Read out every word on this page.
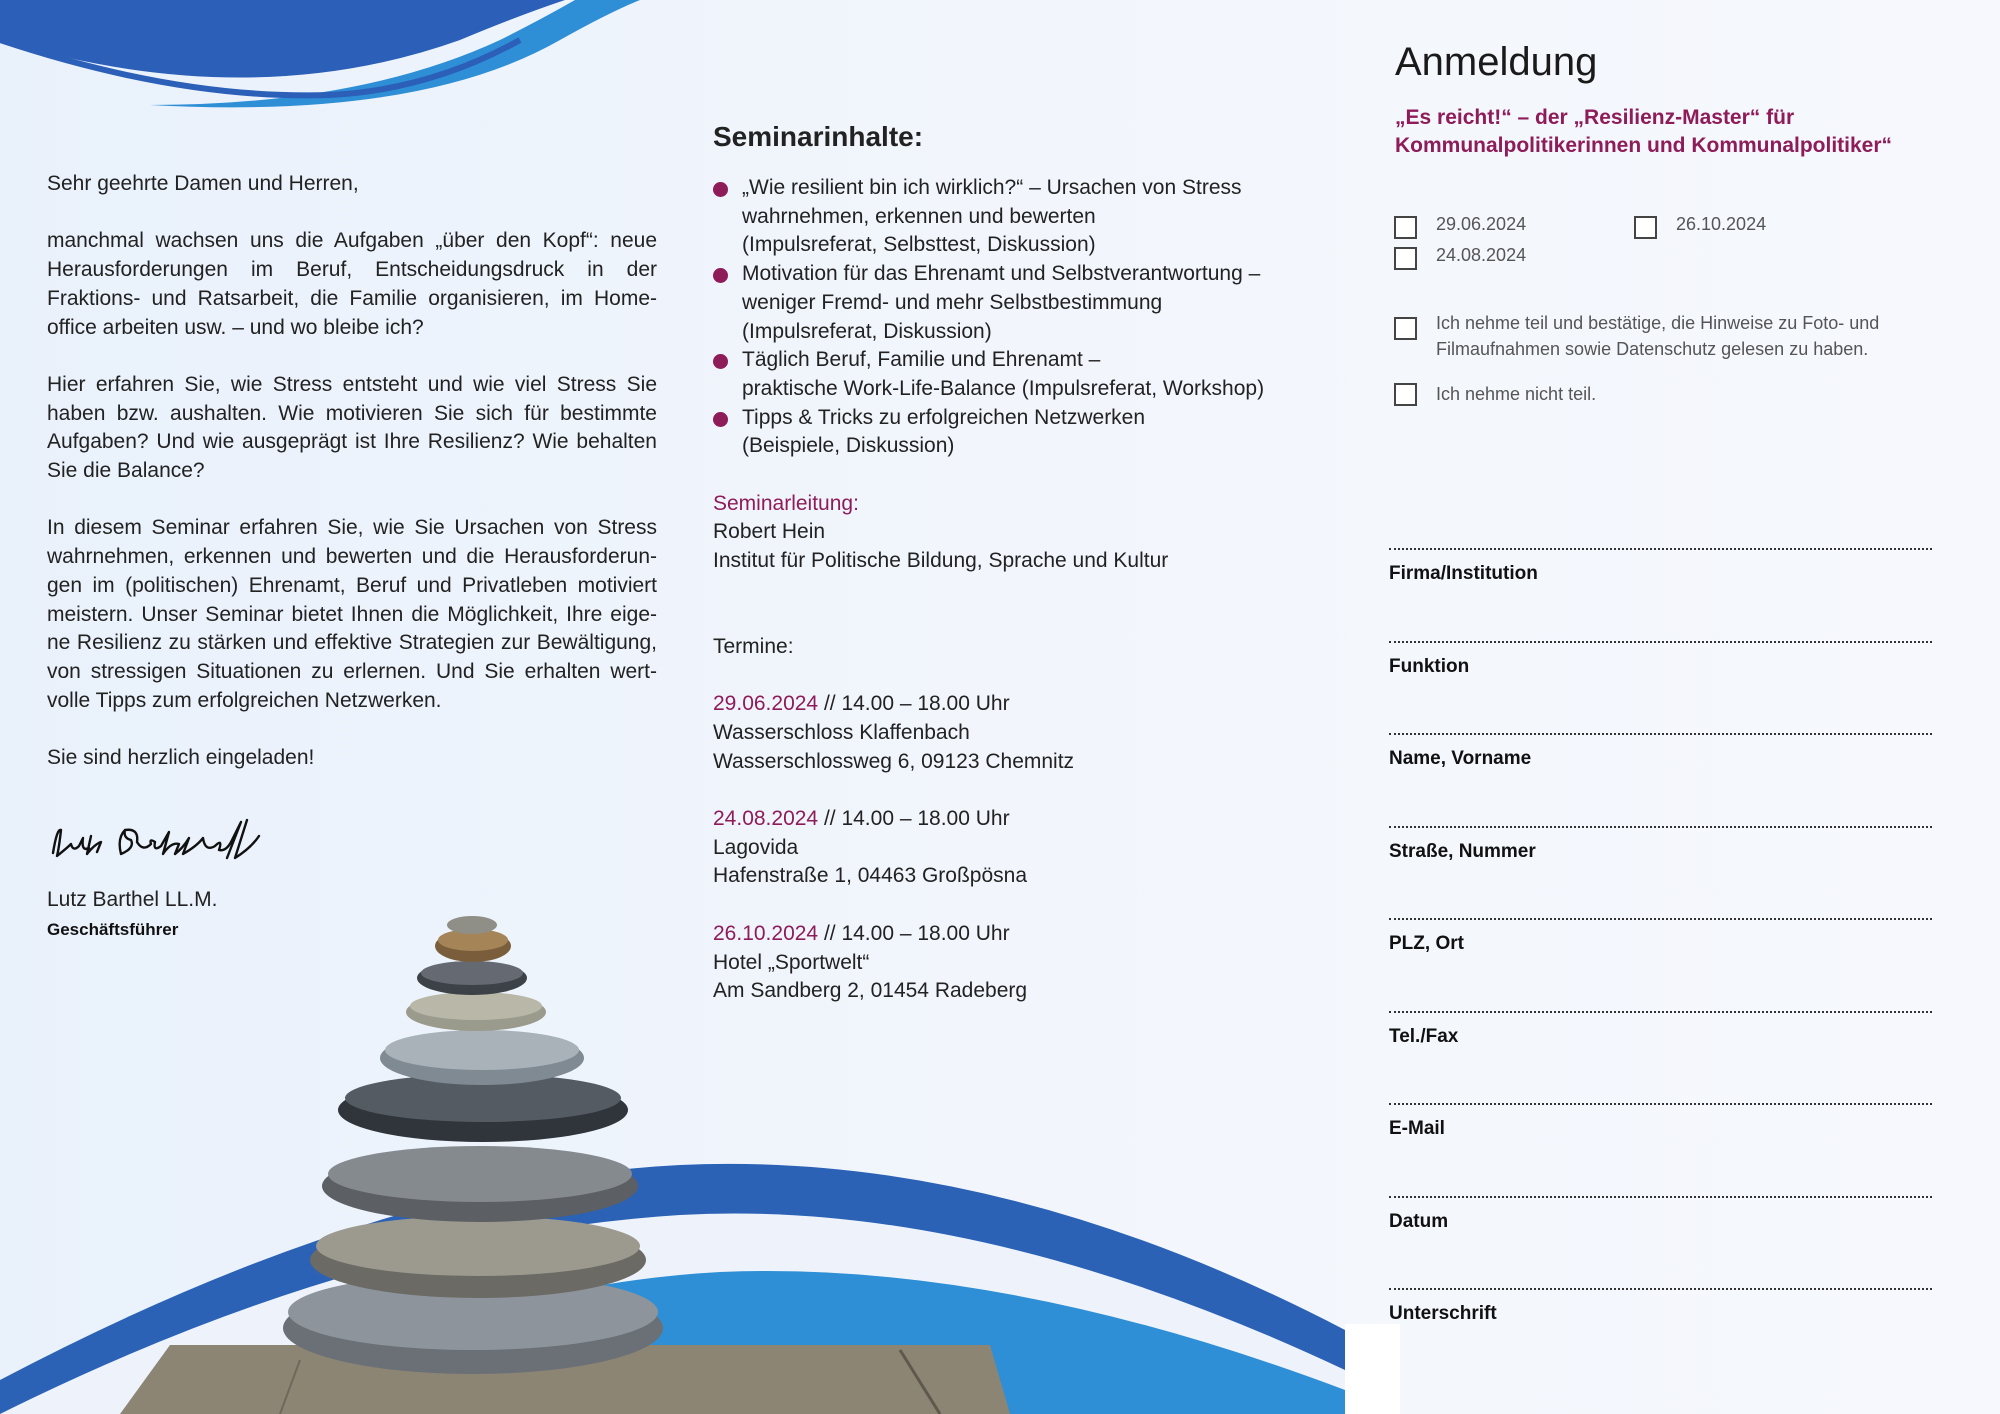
Sehr geehrte Damen und Herren,

manchmal wachsen uns die Aufgaben „über den Kopf“: neue Herausforderungen im Beruf, Entscheidungsdruck in der Fraktions- und Ratsarbeit, die Familie organisieren, im Home-office arbeiten usw. – und wo bleibe ich?

Hier erfahren Sie, wie Stress entsteht und wie viel Stress Sie haben bzw. aushalten. Wie motivieren Sie sich für bestimmte Aufgaben? Und wie ausgeprägt ist Ihre Resilienz? Wie behalten Sie die Balance?

In diesem Seminar erfahren Sie, wie Sie Ursachen von Stress wahrnehmen, erkennen und bewerten und die Herausforderun-gen im (politischen) Ehrenamt, Beruf und Privatleben motiviert meistern. Unser Seminar bietet Ihnen die Möglichkeit, Ihre eige-ne Resilienz zu stärken und effektive Strategien zur Bewältigung, von stressigen Situationen zu erlernen. Und Sie erhalten wert-volle Tipps zum erfolgreichen Netzwerken.

Sie sind herzlich eingeladen!

Lutz Barthel LL.M.
Geschäftsführer
Seminarinhalte:
„Wie resilient bin ich wirklich?“ – Ursachen von Stress
wahrnehmen, erkennen und bewerten
(Impulsreferat, Selbsttest, Diskussion)
Motivation für das Ehrenamt und Selbstverantwortung –
weniger Fremd- und mehr Selbstbestimmung
(Impulsreferat, Diskussion)
Täglich Beruf, Familie und Ehrenamt –
praktische Work-Life-Balance (Impulsreferat, Workshop)
Tipps & Tricks zu erfolgreichen Netzwerken
(Beispiele, Diskussion)
Seminarleitung:
Robert Hein
Institut für Politische Bildung, Sprache und Kultur
Termine:
29.06.2024 // 14.00 – 18.00 Uhr
Wasserschloss Klaffenbach
Wasserschlossweg 6, 09123 Chemnitz
24.08.2024 // 14.00 – 18.00 Uhr
Lagovida
Hafenstraße 1, 04463 Großpösna
26.10.2024 // 14.00 – 18.00 Uhr
Hotel „Sportwelt“
Am Sandberg 2, 01454 Radeberg
Anmeldung
„Es reicht!“ – der „Resilienz-Master“ für Kommunalpolitikerinnen und Kommunalpolitiker“
29.06.2024
24.08.2024
26.10.2024
Ich nehme teil und bestätige, die Hinweise zu Foto- und
Filmaufnahmen sowie Datenschutz gelesen zu haben.
Ich nehme nicht teil.
Firma/Institution
Funktion
Name, Vorname
Straße, Nummer
PLZ, Ort
Tel./Fax
E-Mail
Datum
Unterschrift
